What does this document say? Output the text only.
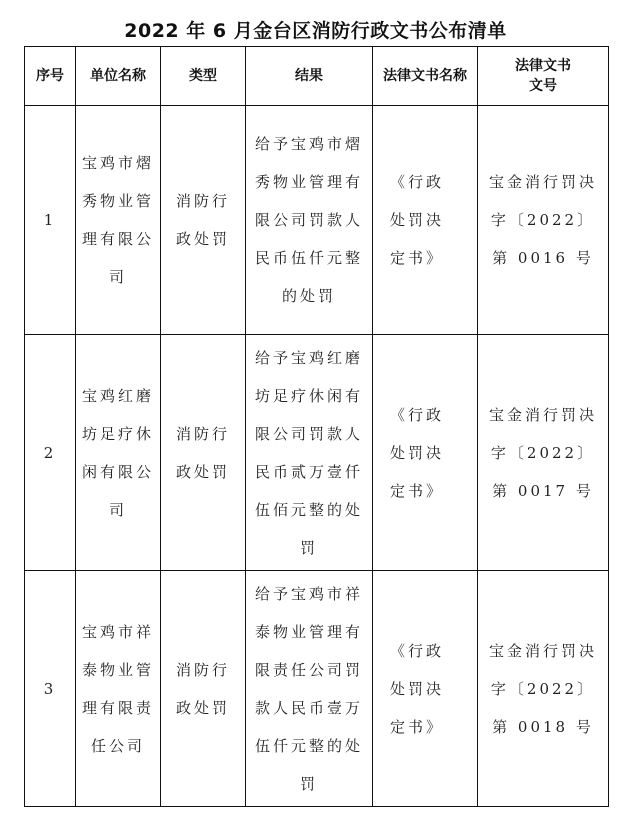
2022 年 6 月金台区消防行政文书公布清单
序号	单位名称	类型	结果	法律文书名称	法律文书
文号

1	宝鸡市熠秀物业管理有限公司	消防行政处罚	给予宝鸡市熠秀物业管理有限公司罚款人民币伍仟元整的处罚	《行政处罚决定书》	宝金消行罚决字〔2022〕第 0016 号

2	宝鸡红磨坊足疗休闲有限公司	消防行政处罚	给予宝鸡红磨坊足疗休闲有限公司罚款人民币贰万壹仟伍佰元整的处罚	《行政处罚决定书》	宝金消行罚决字〔2022〕第 0017 号

3	宝鸡市祥泰物业管理有限责任公司	消防行政处罚	给予宝鸡市祥泰物业管理有限责任公司罚款人民币壹万伍仟元整的处罚	《行政处罚决定书》	宝金消行罚决字〔2022〕第 0018 号
